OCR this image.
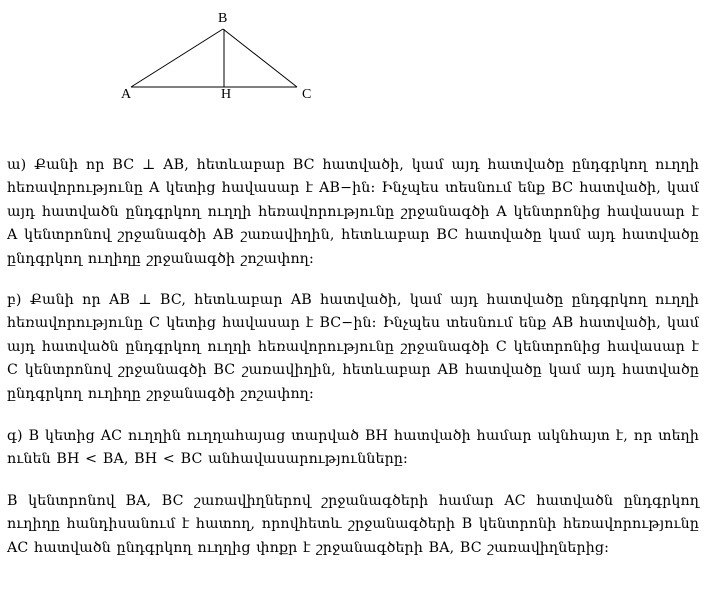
B
A	H	C
ա) Քանի որ BC ⊥ AB, հետևաբար BC հատվածի, կամ այդ հատվածը ընդգրկող ուղղի հեռավորությունը A կետից հավասար է AB−ին: Ինչպես տեսնում ենք BC հատվածի, կամ այդ հատվածն ընդգրկող ուղղի հեռավորությունը շրջանագծի A կենտրոնից հավասար է A կենտրոնով շրջանագծի AB շառավիղին, հետևաբար BC հատվածը կամ այդ հատվածը ընդգրկող ուղիղը շրջանագծի շոշափող:
բ) Քանի որ AB ⊥ BC, հետևաբար AB հատվածի, կամ այդ հատվածը ընդգրկող ուղղի հեռավորությունը C կետից հավասար է BC−ին: Ինչպես տեսնում ենք AB հատվածի, կամ այդ հատվածն ընդգրկող ուղղի հեռավորությունը շրջանագծի C կենտրոնից հավասար է C կենտրոնով շրջանագծի BC շառավիղին, հետևաբար AB հատվածը կամ այդ հատվածը ընդգրկող ուղիղը շրջանագծի շոշափող:
գ) B կետից AC ուղղին ուղղահայաց տարված BH հատվածի համար ակնհայտ է, որ տեղի ունեն BH < BA, BH < BC անհավասարությունները:
B կենտրոնով BA, BC շառավիղներով շրջանագծերի համար AC հատվածն ընդգրկող ուղիղը հանդիսանում է հատող, որովհետև շրջանագծերի B կենտրոնի հեռավորությունը AC հատվածն ընդգրկող ուղղից փոքր է շրջանագծերի BA, BC շառավիղներից:
